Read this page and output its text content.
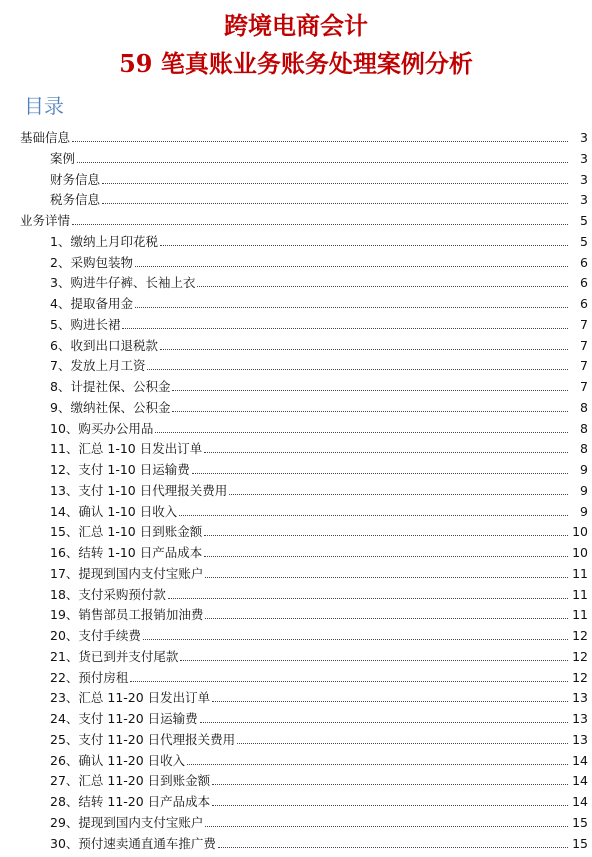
跨境电商会计
59 笔真账业务账务处理案例分析
目录
基础信息	3
案例	3
财务信息	3
税务信息	3
业务详情	5
1、缴纳上月印花税	5
2、采购包装物	6
3、购进牛仔裤、长袖上衣	6
4、提取备用金	6
5、购进长裙	7
6、收到出口退税款	7
7、发放上月工资	7
8、计提社保、公积金	7
9、缴纳社保、公积金	8
10、购买办公用品	8
11、汇总 1-10 日发出订单	8
12、支付 1-10 日运输费	9
13、支付 1-10 日代理报关费用	9
14、确认 1-10 日收入	9
15、汇总 1-10 日到账金额	10
16、结转 1-10 日产品成本	10
17、提现到国内支付宝账户	11
18、支付采购预付款	11
19、销售部员工报销加油费	11
20、支付手续费	12
21、货已到并支付尾款	12
22、预付房租	12
23、汇总 11-20 日发出订单	13
24、支付 11-20 日运输费	13
25、支付 11-20 日代理报关费用	13
26、确认 11-20 日收入	14
27、汇总 11-20 日到账金额	14
28、结转 11-20 日产品成本	14
29、提现到国内支付宝账户	15
30、预付速卖通直通车推广费	15
